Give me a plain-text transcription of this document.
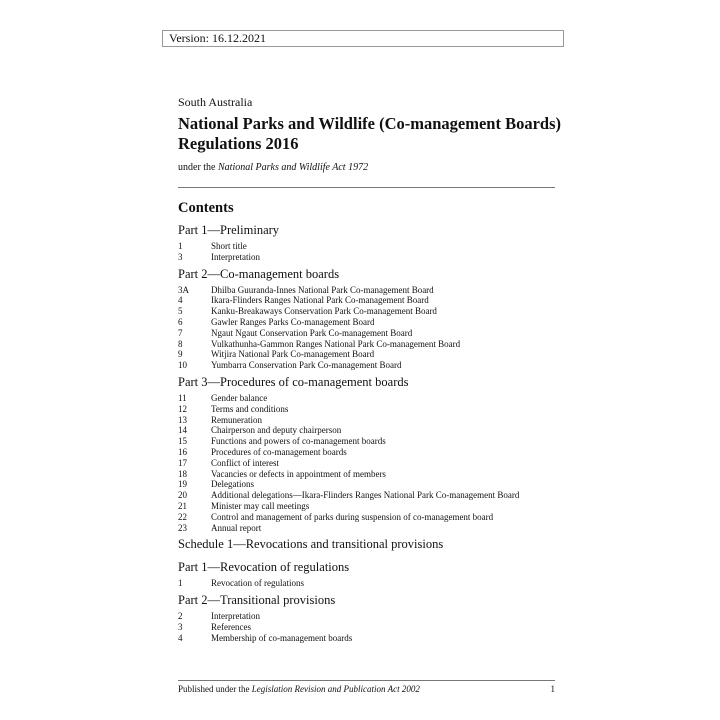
Version: 16.12.2021
South Australia
National Parks and Wildlife (Co-management Boards)
Regulations 2016
under the National Parks and Wildlife Act 1972
Contents
Part 1—Preliminary
1	Short title
3	Interpretation
Part 2—Co-management boards
3A	Dhilba Guuranda-Innes National Park Co-management Board
4	Ikara-Flinders Ranges National Park Co-management Board
5	Kanku-Breakaways Conservation Park Co-management Board
6	Gawler Ranges Parks Co-management Board
7	Ngaut Ngaut Conservation Park Co-management Board
8	Vulkathunha-Gammon Ranges National Park Co-management Board
9	Witjira National Park Co-management Board
10	Yumbarra Conservation Park Co-management Board
Part 3—Procedures of co-management boards
11	Gender balance
12	Terms and conditions
13	Remuneration
14	Chairperson and deputy chairperson
15	Functions and powers of co-management boards
16	Procedures of co-management boards
17	Conflict of interest
18	Vacancies or defects in appointment of members
19	Delegations
20	Additional delegations—Ikara-Flinders Ranges National Park Co-management Board
21	Minister may call meetings
22	Control and management of parks during suspension of co-management board
23	Annual report
Schedule 1—Revocations and transitional provisions
Part 1—Revocation of regulations
1	Revocation of regulations
Part 2—Transitional provisions
2	Interpretation
3	References
4	Membership of co-management boards
Published under the Legislation Revision and Publication Act 2002	1
